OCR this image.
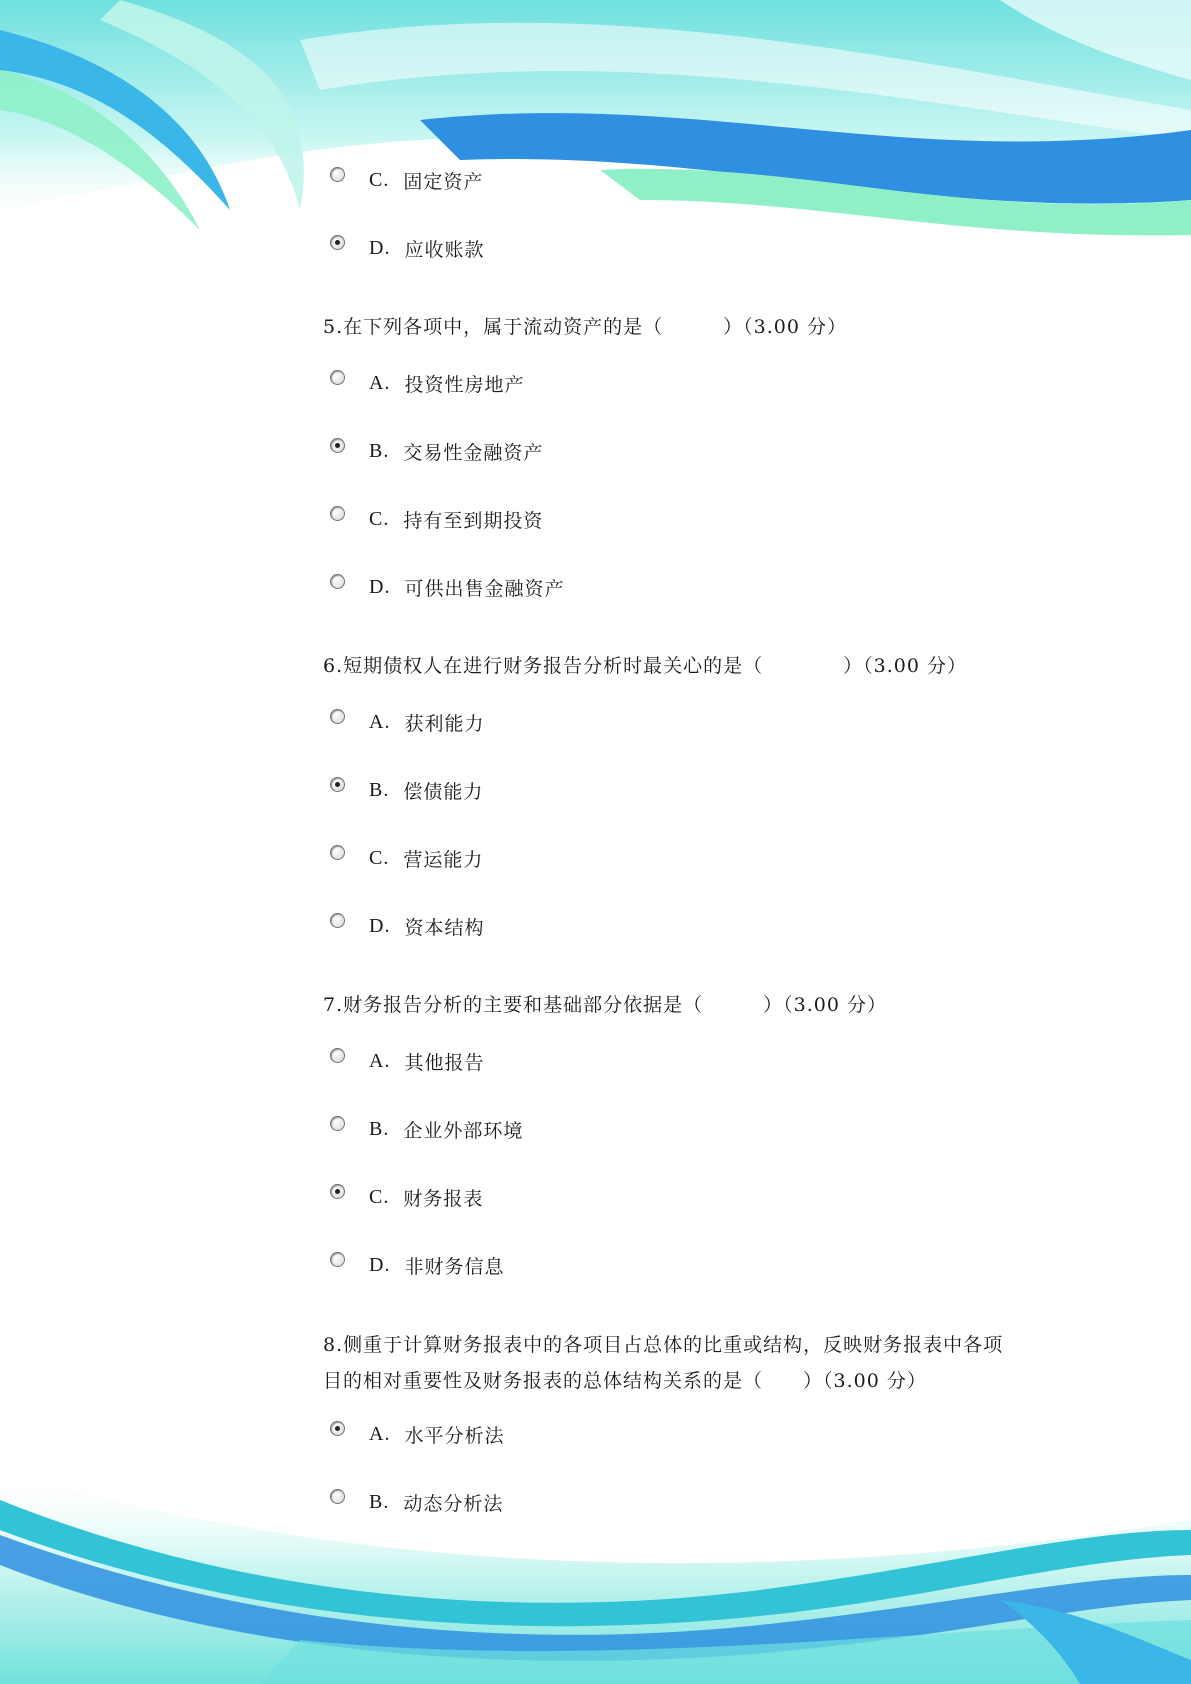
C. 固定资产
D. 应收账款
5.在下列各项中，属于流动资产的是（　　　）（3.00 分）
A. 投资性房地产
B. 交易性金融资产
C. 持有至到期投资
D. 可供出售金融资产
6.短期债权人在进行财务报告分析时最关心的是（　　　　）（3.00 分）
A. 获利能力
B. 偿债能力
C. 营运能力
D. 资本结构
7.财务报告分析的主要和基础部分依据是（　　　）（3.00 分）
A. 其他报告
B. 企业外部环境
C. 财务报表
D. 非财务信息
8.侧重于计算财务报表中的各项目占总体的比重或结构，反映财务报表中各项目的相对重要性及财务报表的总体结构关系的是（　　）（3.00 分）
A. 水平分析法
B. 动态分析法
